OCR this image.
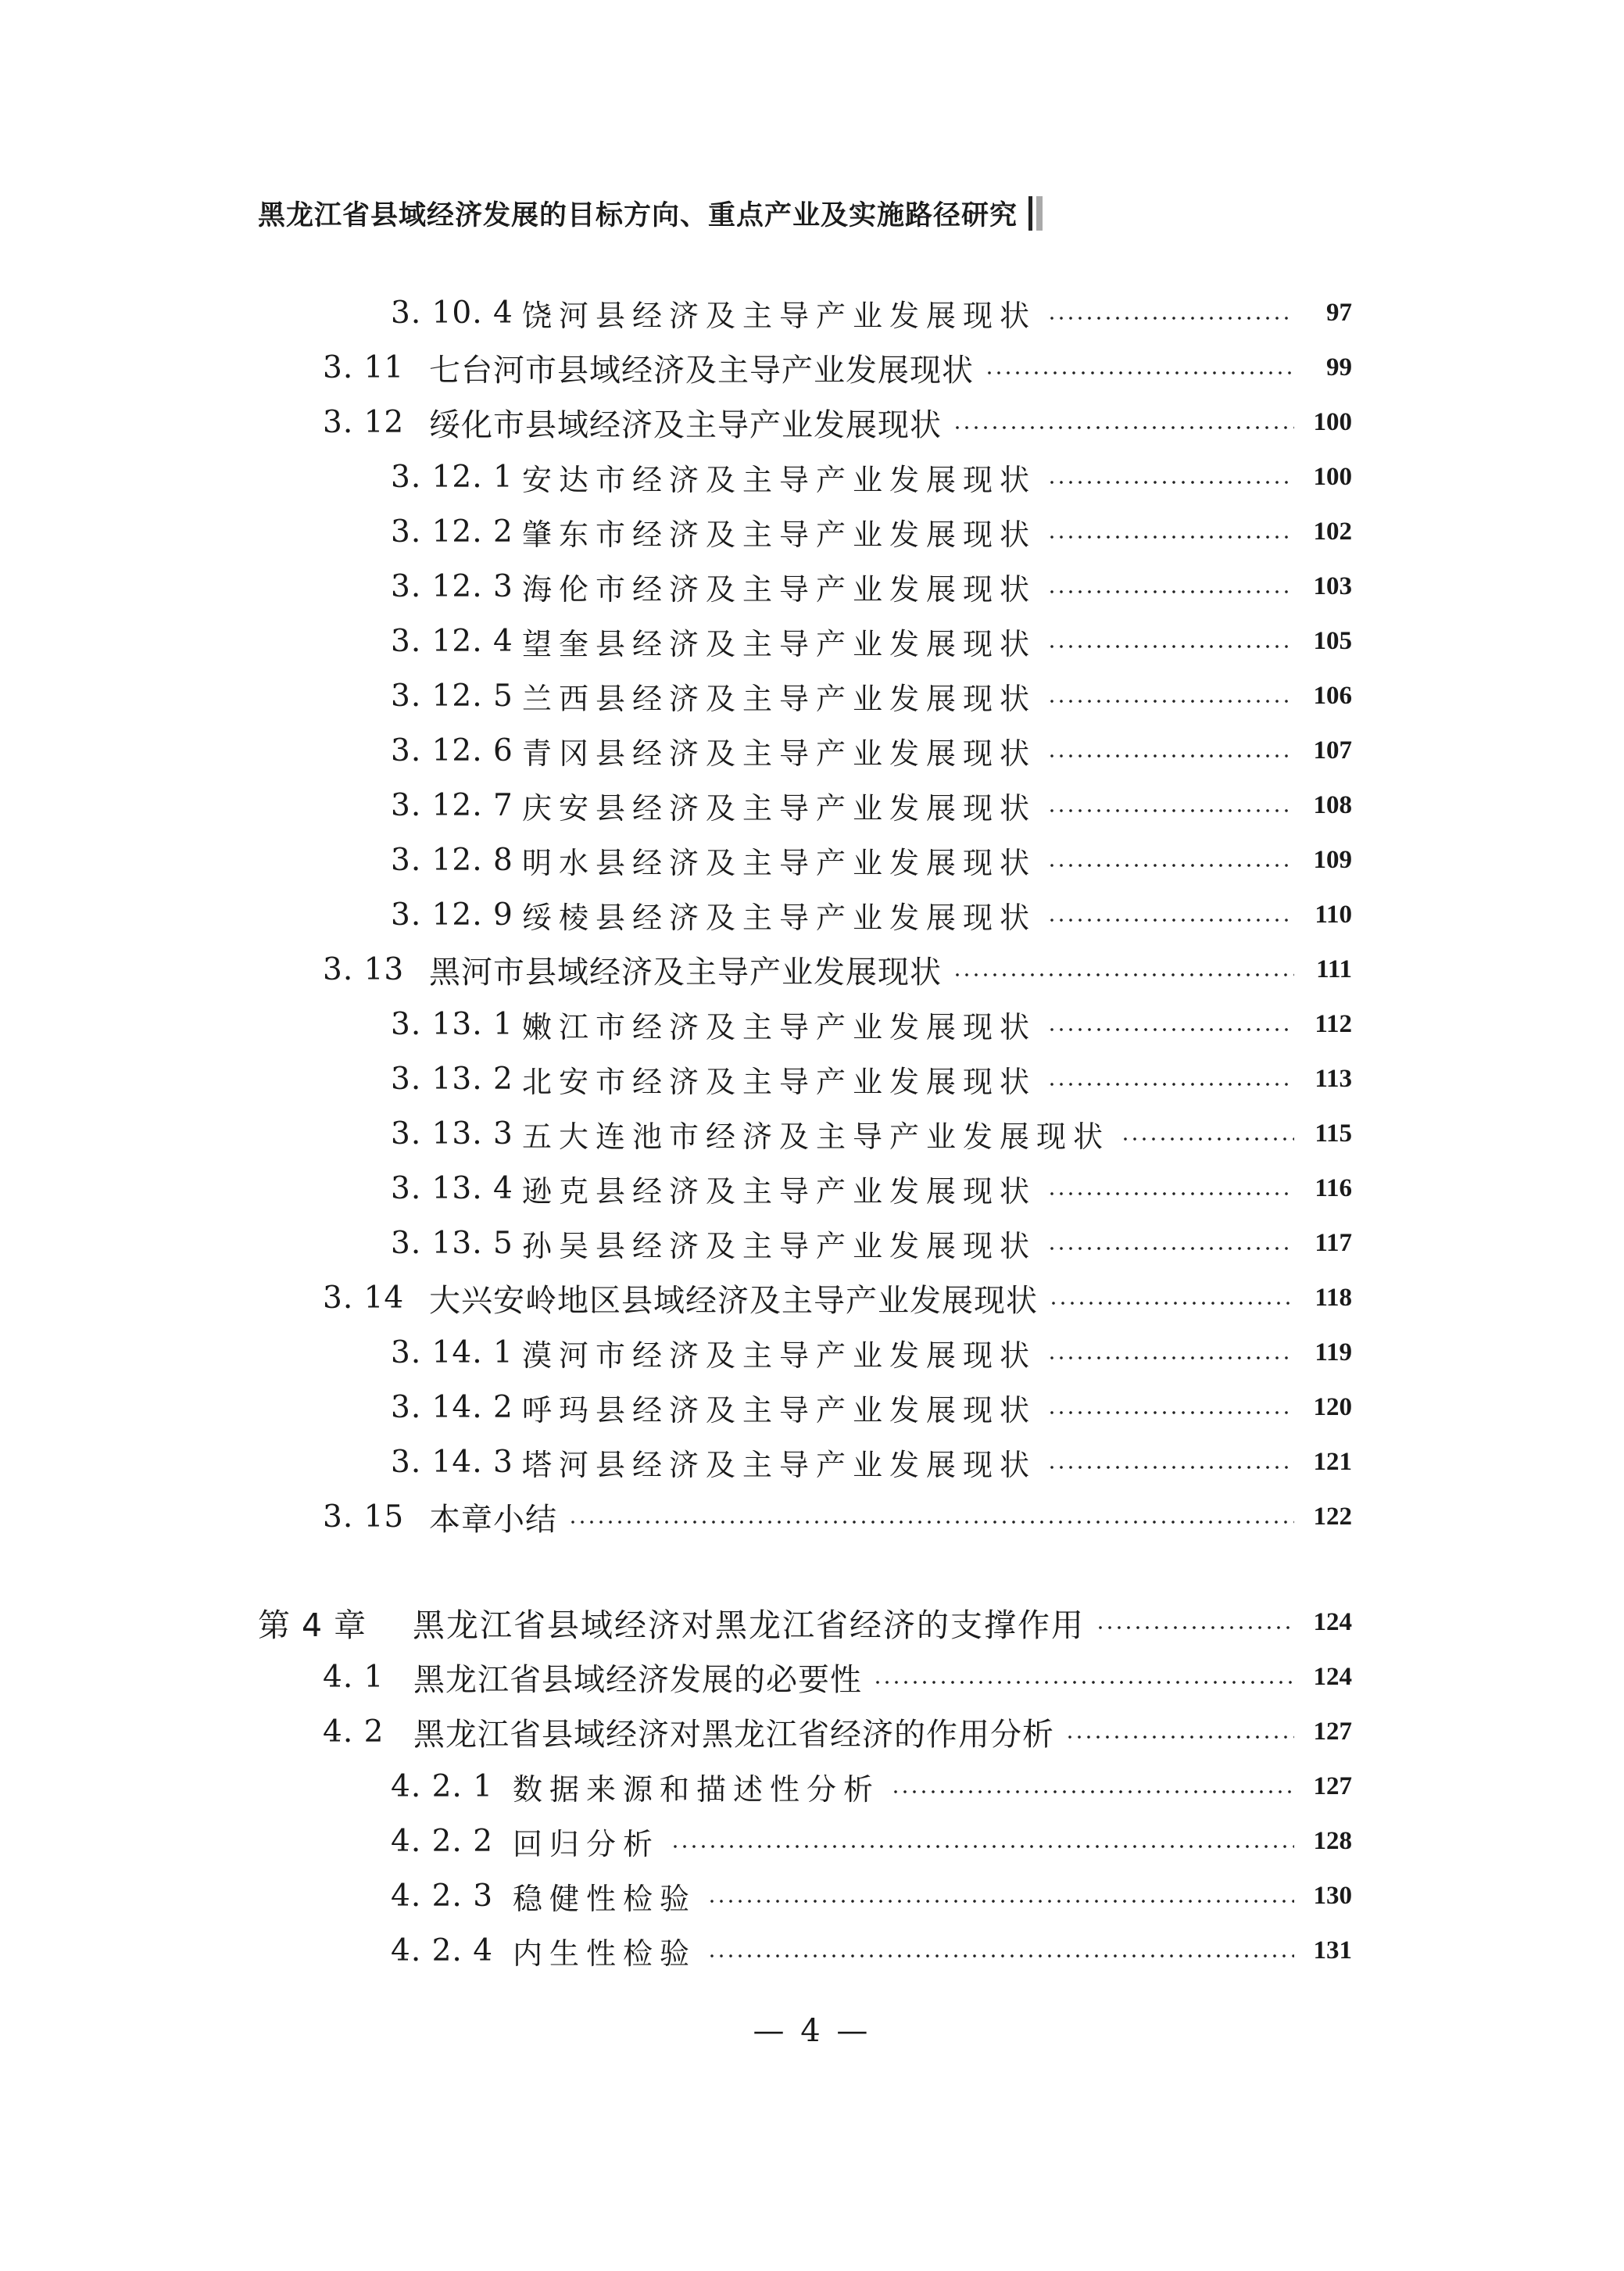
黑龙江省县域经济发展的目标方向、重点产业及实施路径研究
3. 10. 4 饶河县经济及主导产业发展现状	97
3. 11 七台河市县域经济及主导产业发展现状	99
3. 12 绥化市县域经济及主导产业发展现状	100
3. 12. 1 安达市经济及主导产业发展现状	100
3. 12. 2 肇东市经济及主导产业发展现状	102
3. 12. 3 海伦市经济及主导产业发展现状	103
3. 12. 4 望奎县经济及主导产业发展现状	105
3. 12. 5 兰西县经济及主导产业发展现状	106
3. 12. 6 青冈县经济及主导产业发展现状	107
3. 12. 7 庆安县经济及主导产业发展现状	108
3. 12. 8 明水县经济及主导产业发展现状	109
3. 12. 9 绥棱县经济及主导产业发展现状	110
3. 13 黑河市县域经济及主导产业发展现状	111
3. 13. 1 嫩江市经济及主导产业发展现状	112
3. 13. 2 北安市经济及主导产业发展现状	113
3. 13. 3 五大连池市经济及主导产业发展现状	115
3. 13. 4 逊克县经济及主导产业发展现状	116
3. 13. 5 孙吴县经济及主导产业发展现状	117
3. 14 大兴安岭地区县域经济及主导产业发展现状	118
3. 14. 1 漠河市经济及主导产业发展现状	119
3. 14. 2 呼玛县经济及主导产业发展现状	120
3. 14. 3 塔河县经济及主导产业发展现状	121
3. 15 本章小结	122
第 4 章	黑龙江省县域经济对黑龙江省经济的支撑作用	124
4. 1 黑龙江省县域经济发展的必要性	124
4. 2 黑龙江省县域经济对黑龙江省经济的作用分析	127
4. 2. 1 数据来源和描述性分析	127
4. 2. 2 回归分析	128
4. 2. 3 稳健性检验	130
4. 2. 4 内生性检验	131
— 4 —
